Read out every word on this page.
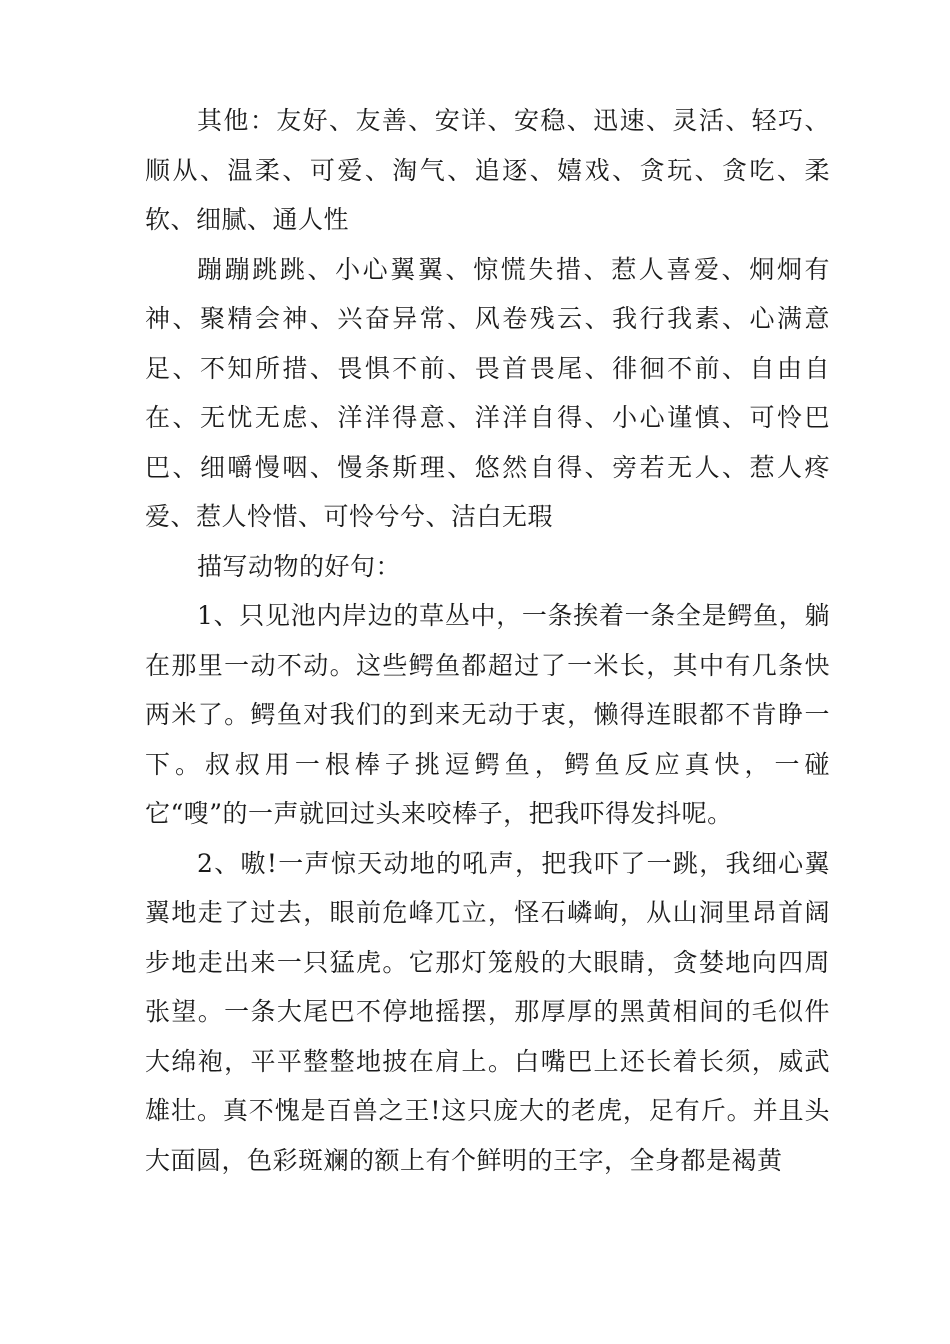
其他：友好、友善、安详、安稳、迅速、灵活、轻巧、顺从、温柔、可爱、淘气、追逐、嬉戏、贪玩、贪吃、柔软、细腻、通人性

蹦蹦跳跳、小心翼翼、惊慌失措、惹人喜爱、炯炯有神、聚精会神、兴奋异常、风卷残云、我行我素、心满意足、不知所措、畏惧不前、畏首畏尾、徘徊不前、自由自在、无忧无虑、洋洋得意、洋洋自得、小心谨慎、可怜巴巴、细嚼慢咽、慢条斯理、悠然自得、旁若无人、惹人疼爱、惹人怜惜、可怜兮兮、洁白无瑕

描写动物的好句：

1、只见池内岸边的草丛中，一条挨着一条全是鳄鱼，躺在那里一动不动。这些鳄鱼都超过了一米长，其中有几条快两米了。鳄鱼对我们的到来无动于衷，懒得连眼都不肯睁一下。叔叔用一根棒子挑逗鳄鱼，鳄鱼反应真快，一碰它“嗖”的一声就回过头来咬棒子，把我吓得发抖呢。

2、嗷!一声惊天动地的吼声，把我吓了一跳，我细心翼翼地走了过去，眼前危峰兀立，怪石嶙峋，从山洞里昂首阔步地走出来一只猛虎。它那灯笼般的大眼睛，贪婪地向四周张望。一条大尾巴不停地摇摆，那厚厚的黑黄相间的毛似件大绵袍，平平整整地披在肩上。白嘴巴上还长着长须，威武雄壮。真不愧是百兽之王!这只庞大的老虎，足有斤。并且头大面圆，色彩斑斓的额上有个鲜明的王字，全身都是褐黄
